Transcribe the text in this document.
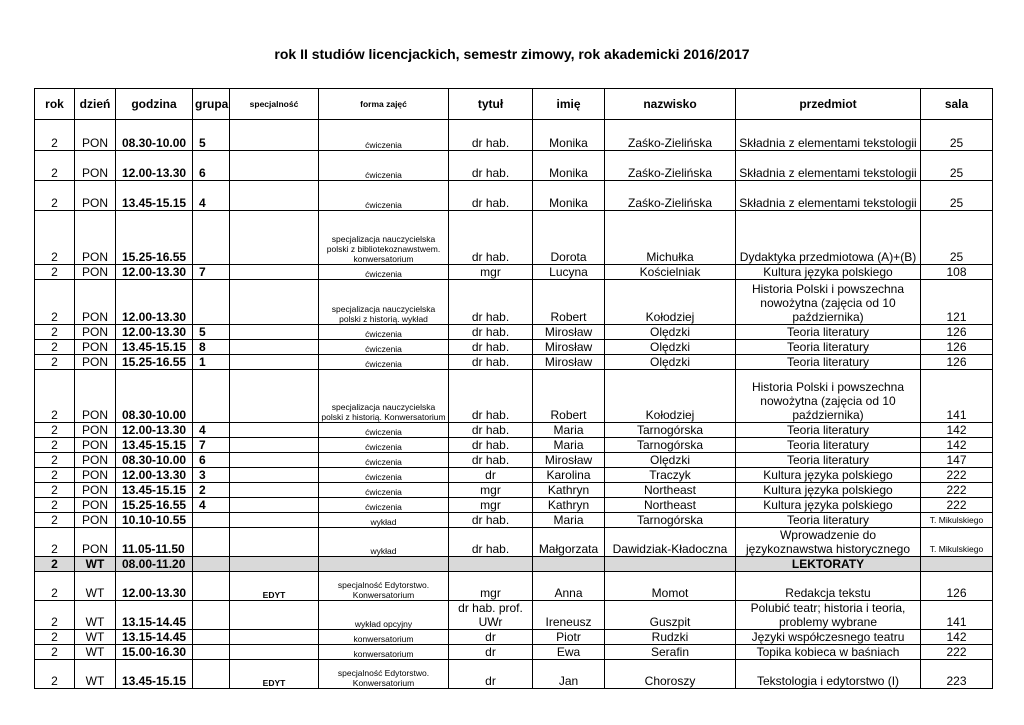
rok II studiów licencjackich, semestr zimowy, rok akademicki 2016/2017
rok	dzień	godzina	grupa	specjalność	forma zajęć	tytuł	imię	nazwisko	przedmiot	sala
2	PON	08.30-10.00	5		ćwiczenia	dr hab.	Monika	Zaśko-Zielińska	Składnia z elementami tekstologii	25
2	PON	12.00-13.30	6		ćwiczenia	dr hab.	Monika	Zaśko-Zielińska	Składnia z elementami tekstologii	25
2	PON	13.45-15.15	4		ćwiczenia	dr hab.	Monika	Zaśko-Zielińska	Składnia z elementami tekstologii	25
2	PON	15.25-16.55			specjalizacja nauczycielska polski z bibliotekoznawstwem. konwersatorium	dr hab.	Dorota	Michułka	Dydaktyka przedmiotowa (A)+(B)	25
2	PON	12.00-13.30	7		ćwiczenia	mgr	Lucyna	Kościelniak	Kultura języka polskiego	108
2	PON	12.00-13.30			specjalizacja nauczycielska polski z historią. wykład	dr hab.	Robert	Kołodziej	Historia Polski i powszechna nowożytna (zajęcia od 10 października)	121
2	PON	12.00-13.30	5		ćwiczenia	dr hab.	Mirosław	Olędzki	Teoria literatury	126
2	PON	13.45-15.15	8		ćwiczenia	dr hab.	Mirosław	Olędzki	Teoria literatury	126
2	PON	15.25-16.55	1		ćwiczenia	dr hab.	Mirosław	Olędzki	Teoria literatury	126
2	PON	08.30-10.00			specjalizacja nauczycielska polski z historią. Konwersatorium	dr hab.	Robert	Kołodziej	Historia Polski i powszechna nowożytna (zajęcia od 10 października)	141
2	PON	12.00-13.30	4		ćwiczenia	dr hab.	Maria	Tarnogórska	Teoria literatury	142
2	PON	13.45-15.15	7		ćwiczenia	dr hab.	Maria	Tarnogórska	Teoria literatury	142
2	PON	08.30-10.00	6		ćwiczenia	dr hab.	Mirosław	Olędzki	Teoria literatury	147
2	PON	12.00-13.30	3		ćwiczenia	dr	Karolina	Traczyk	Kultura języka polskiego	222
2	PON	13.45-15.15	2		ćwiczenia	mgr	Kathryn	Northeast	Kultura języka polskiego	222
2	PON	15.25-16.55	4		ćwiczenia	mgr	Kathryn	Northeast	Kultura języka polskiego	222
2	PON	10.10-10.55			wykład	dr hab.	Maria	Tarnogórska	Teoria literatury	T. Mikulskiego
2	PON	11.05-11.50			wykład	dr hab.	Małgorzata	Dawidziak-Kładoczna	Wprowadzenie do językoznawstwa historycznego	T. Mikulskiego
2	WT	08.00-11.20							LEKTORATY	
2	WT	12.00-13.30		EDYT	specjalność Edytorstwo. Konwersatorium	mgr	Anna	Momot	Redakcja tekstu	126
2	WT	13.15-14.45			wykład opcyjny	dr hab. prof. UWr	Ireneusz	Guszpit	Polubić teatr; historia i teoria, problemy wybrane	141
2	WT	13.15-14.45			konwersatorium	dr	Piotr	Rudzki	Języki współczesnego teatru	142
2	WT	15.00-16.30			konwersatorium	dr	Ewa	Serafin	Topika kobieca w baśniach	222
2	WT	13.45-15.15		EDYT	specjalność Edytorstwo. Konwersatorium	dr	Jan	Choroszy	Tekstologia i edytorstwo (I)	223
